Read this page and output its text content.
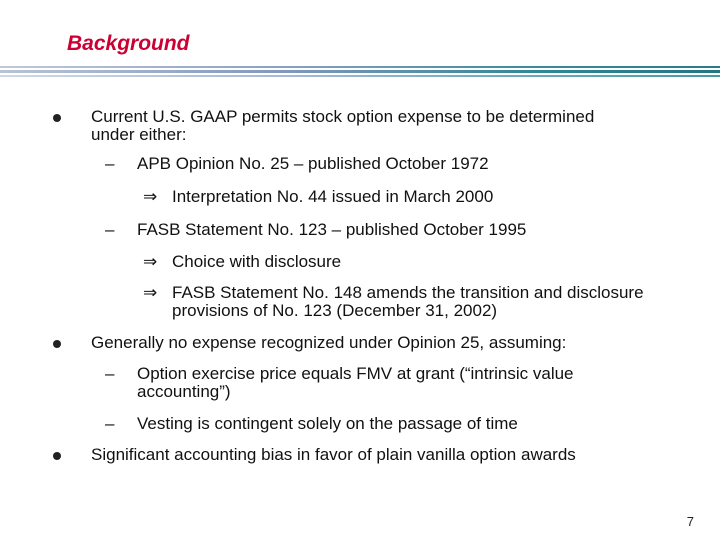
Background
Current U.S. GAAP permits stock option expense to be determined under either:
– APB Opinion No. 25 – published October 1972
⇒ Interpretation No. 44 issued in March 2000
– FASB Statement No. 123 – published October 1995
⇒ Choice with disclosure
⇒ FASB Statement No. 148 amends the transition and disclosure provisions of No. 123 (December 31, 2002)
Generally no expense recognized under Opinion 25, assuming:
– Option exercise price equals FMV at grant (“intrinsic value accounting”)
– Vesting is contingent solely on the passage of time
Significant accounting bias in favor of plain vanilla option awards
7
